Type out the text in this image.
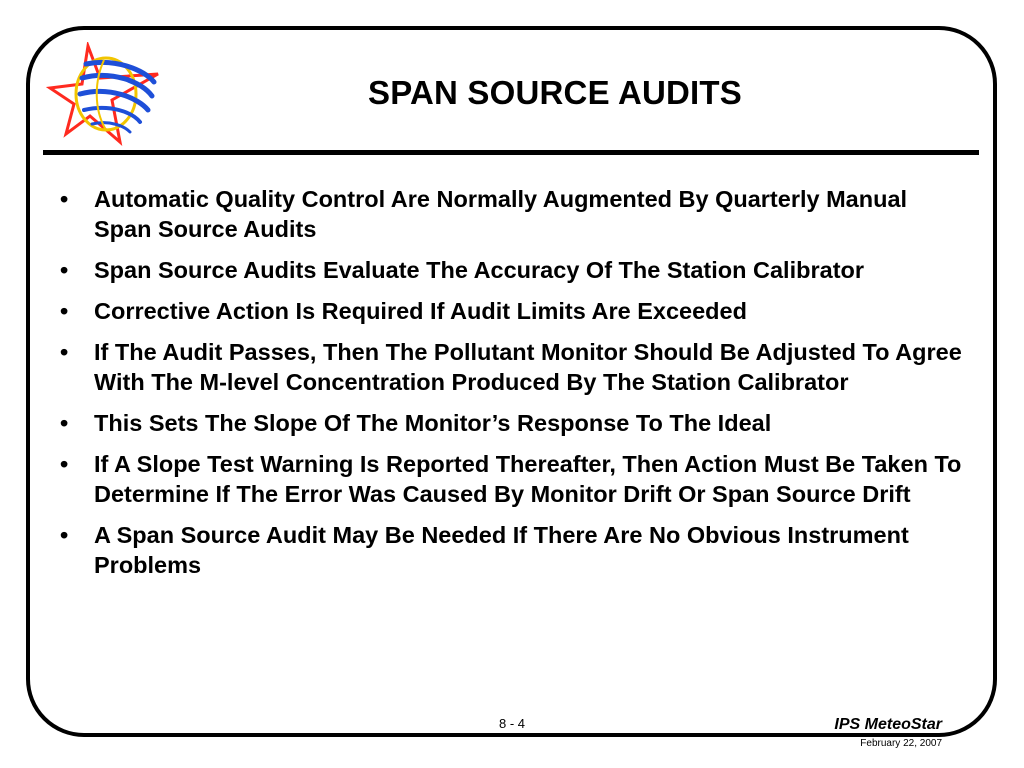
SPAN SOURCE AUDITS
•	Automatic Quality Control Are Normally Augmented By Quarterly Manual Span Source Audits
•	Span Source Audits Evaluate The Accuracy Of The Station Calibrator
•	Corrective Action Is Required If Audit Limits Are Exceeded
•	If The Audit Passes, Then The Pollutant Monitor Should Be Adjusted To Agree With The M-level Concentration Produced By The Station Calibrator
•	This Sets The Slope Of The Monitor’s Response To The Ideal
•	If A Slope Test Warning Is Reported Thereafter, Then Action Must Be Taken To Determine If The Error Was Caused By Monitor Drift Or Span Source Drift
•	A Span Source Audit May Be Needed If There Are No Obvious Instrument Problems
8 - 4	IPS MeteoStar
February 22, 2007
